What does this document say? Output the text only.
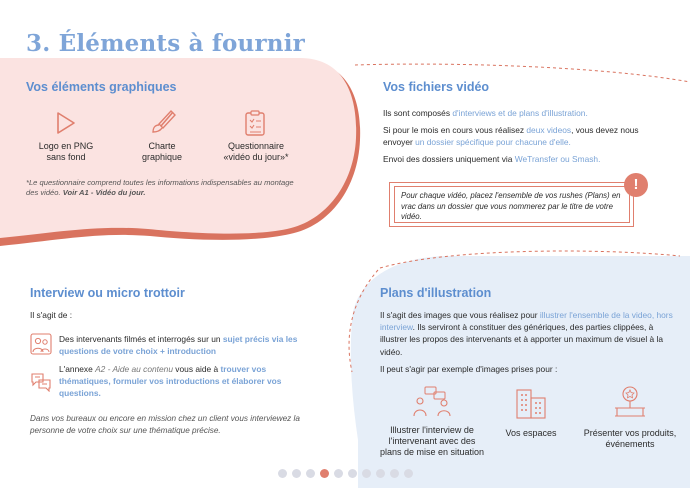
3. Éléments à fournir
Vos éléments graphiques
Logo en PNG
sans fond
Charte
graphique
Questionnaire
«vidéo du jour»*
*Le questionnaire comprend toutes les informations indispensables au montage des vidéo. Voir A1 - Vidéo du jour.
Vos fichiers vidéo

Ils sont composés d'interviews et de plans d'illustration.

Si pour le mois en cours vous réalisez deux videos, vous devez nous envoyer un dossier spécifique pour chacune d'elle.

Envoi des dossiers uniquement via WeTransfer ou Smash.

Pour chaque vidéo, placez l'ensemble de vos rushes (Plans) en vrac dans un dossier que vous nommerez par le titre de votre vidéo.
!
Interview ou micro trottoir
Il s'agit de :
Des intervenants filmés et interrogés sur un sujet précis via les questions de votre choix + introduction
L'annexe A2 - Aide au contenu vous aide à trouver vos thématiques, formuler vos introductions et élaborer vos questions.
Dans vos bureaux ou encore en mission chez un client vous interviewez la personne de votre choix sur une thématique précise.
Plans d'illustration

Il s'agit des images que vous réalisez pour illustrer l'ensemble de la video, hors interview. Ils serviront à constituer des génériques, des parties clippées, à illustrer les propos des intervenants et à apporter un maximum de visuel à la vidéo.

Il peut s'agir par exemple d'images prises pour :

Illustrer l'interview de
l'intervenant avec des
plans de mise en situation
Vos espaces	Présenter vos produits,
événements
